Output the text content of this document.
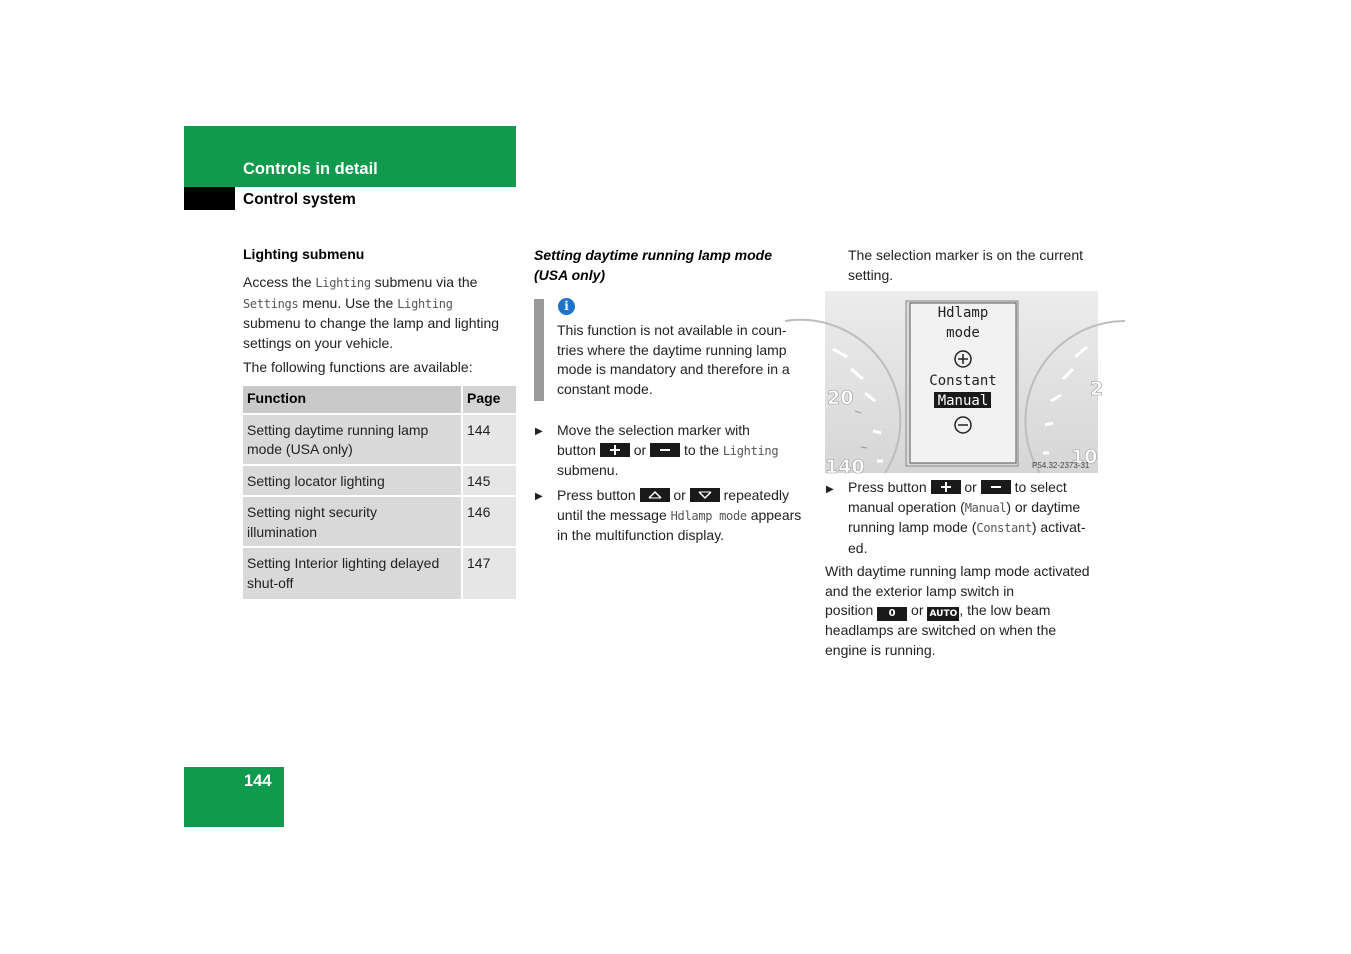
Controls in detail
Control system
Lighting submenu
Access the Lighting submenu via the
Settings menu. Use the Lighting
submenu to change the lamp and lighting
settings on your vehicle.
The following functions are available:
Function	Page

Setting daytime running lamp
mode (USA only)	144

Setting locator lighting	145

Setting night security
illumination	146

Setting Interior lighting delayed
shut-off	147
Setting daytime running lamp mode
(USA only)
i
This function is not available in coun-
tries where the daytime running lamp
mode is mandatory and therefore in a
constant mode.
▶ Move the selection marker with
button	or	to the Lighting
submenu.
▶ Press button	or	repeatedly
until the message Hdlamp mode appears
in the multifunction display.
The selection marker is on the current
setting.
20
140
2
10
Hdlamp
mode
Constant
Manual
P54.32-2373-31
▶ Press button	or	to select
manual operation (Manual) or daytime
running lamp mode (Constant) activat-
ed.
With daytime running lamp mode activated
and the exterior lamp switch in
position 0 or AUTO , the low beam
headlamps are switched on when the
engine is running.
144
